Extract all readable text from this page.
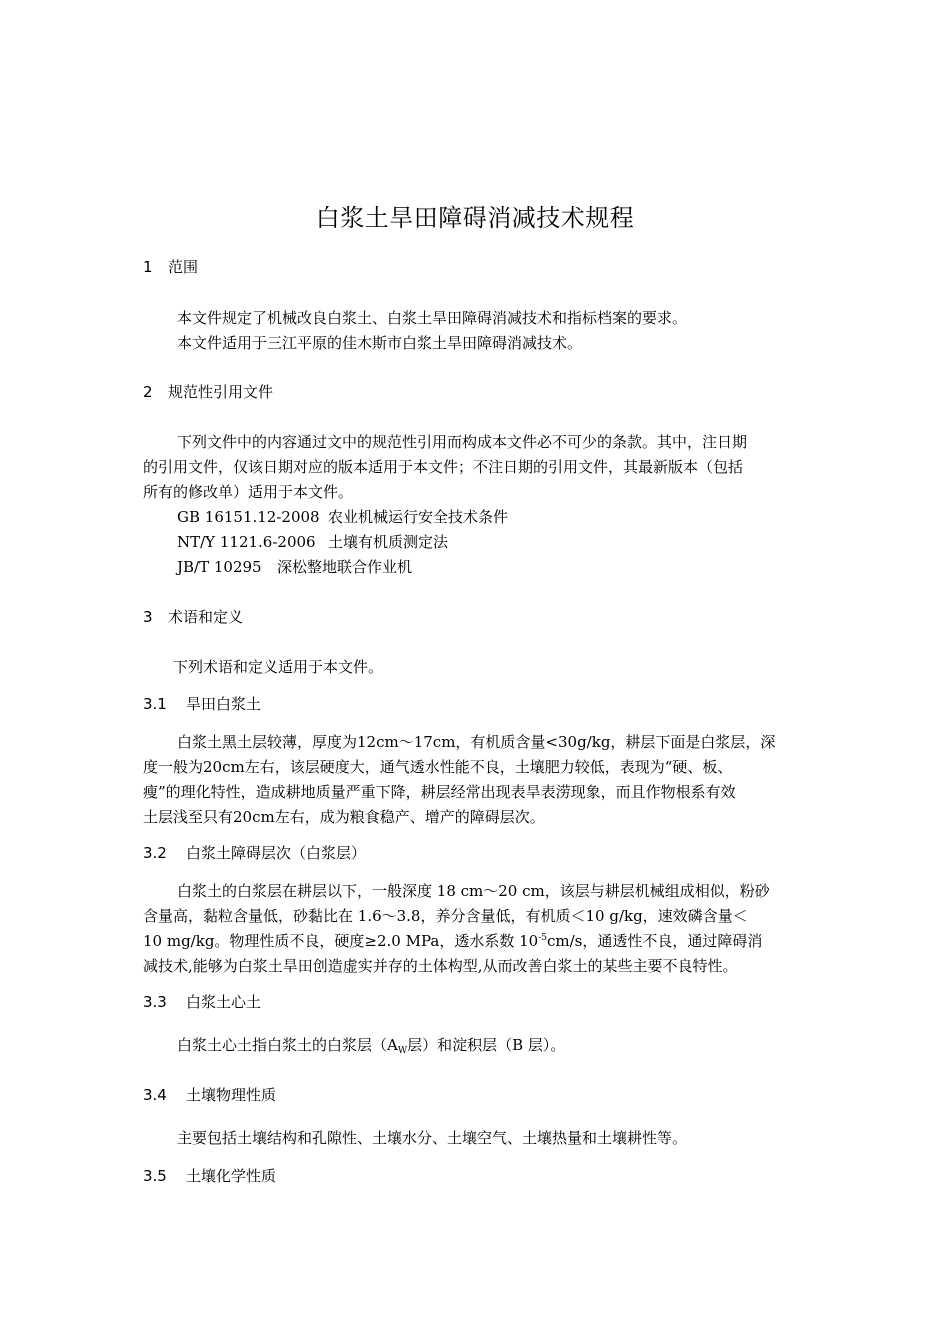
白浆土旱田障碍消减技术规程
1 范围
本文件规定了机械改良白浆土、白浆土旱田障碍消减技术和指标档案的要求。
本文件适用于三江平原的佳木斯市白浆土旱田障碍消减技术。
2 规范性引用文件
下列文件中的内容通过文中的规范性引用而构成本文件必不可少的条款。其中，注日期
的引用文件，仅该日期对应的版本适用于本文件；不注日期的引用文件，其最新版本（包括
所有的修改单）适用于本文件。
GB 16151.12-2008 农业机械运行安全技术条件
NT/Y 1121.6-2006 土壤有机质测定法
JB/T 10295 深松整地联合作业机
3 术语和定义
下列术语和定义适用于本文件。
3.1 旱田白浆土
白浆土黑土层较薄，厚度为12cm～17cm，有机质含量<30g/kg，耕层下面是白浆层，深
度一般为20cm左右，该层硬度大，通气透水性能不良，土壤肥力较低，表现为“硬、板、
瘦”的理化特性，造成耕地质量严重下降，耕层经常出现表旱表涝现象，而且作物根系有效
土层浅至只有20cm左右，成为粮食稳产、增产的障碍层次。
3.2 白浆土障碍层次（白浆层）
白浆土的白浆层在耕层以下，一般深度 18 cm～20 cm，该层与耕层机械组成相似，粉砂
含量高，黏粒含量低，砂黏比在 1.6～3.8，养分含量低，有机质＜10 g/kg，速效磷含量＜
10 mg/kg。物理性质不良，硬度≥2.0 MPa，透水系数 $10^{-5}cm/s$，通透性不良，通过障碍消
减技术,能够为白浆土旱田创造虚实并存的土体构型,从而改善白浆土的某些主要不良特性。
3.3 白浆土心土
白浆土心土指白浆土的白浆层（$A_W$层）和淀积层（B 层）。
3.4 土壤物理性质
主要包括土壤结构和孔隙性、土壤水分、土壤空气、土壤热量和土壤耕性等。
3.5 土壤化学性质
